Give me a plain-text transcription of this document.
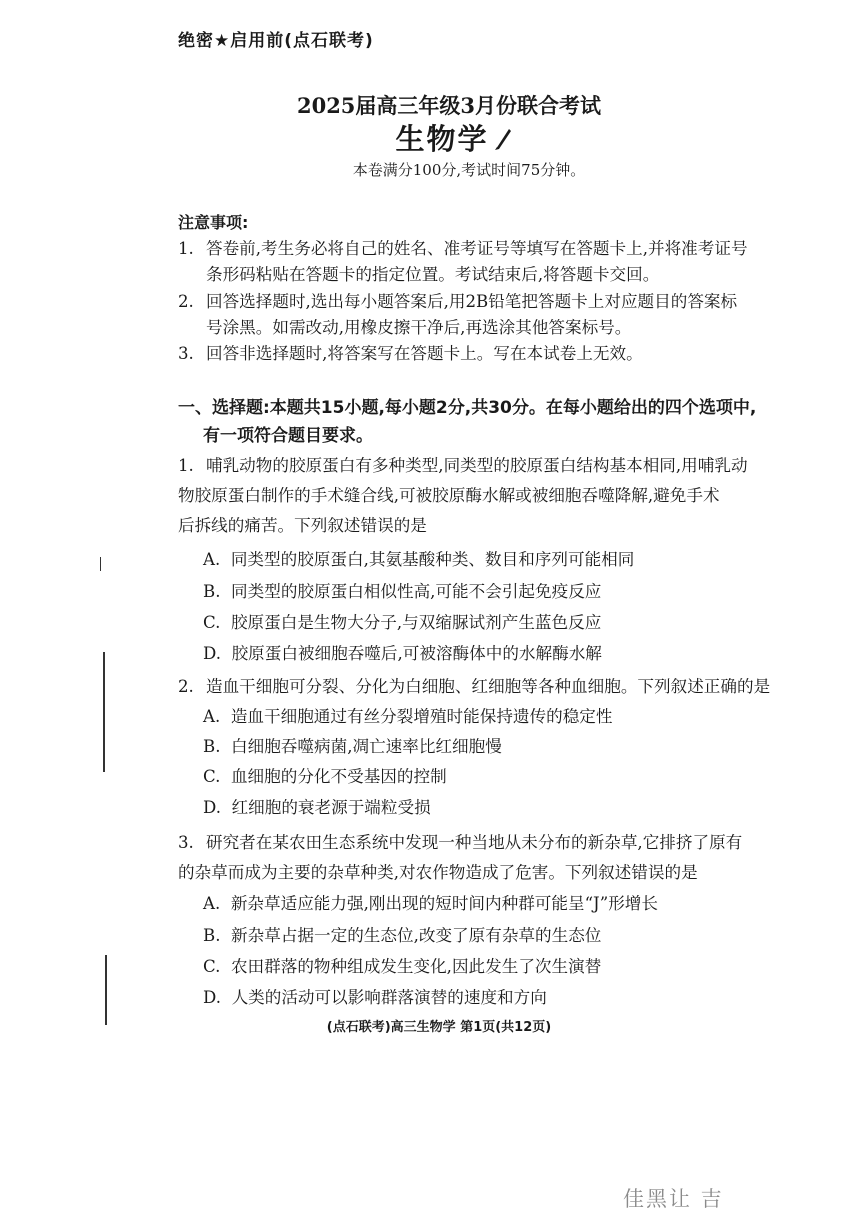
绝密★启用前(点石联考)
2025届高三年级3月份联合考试
生物学
本卷满分100分,考试时间75分钟。
注意事项:
1. 答卷前,考生务必将自己的姓名、准考证号等填写在答题卡上,并将准考证号
条形码粘贴在答题卡的指定位置。考试结束后,将答题卡交回。
2. 回答选择题时,选出每小题答案后,用2B铅笔把答题卡上对应题目的答案标
号涂黑。如需改动,用橡皮擦干净后,再选涂其他答案标号。
3. 回答非选择题时,将答案写在答题卡上。写在本试卷上无效。
一、选择题:本题共15小题,每小题2分,共30分。在每小题给出的四个选项中,
有一项符合题目要求。
1. 哺乳动物的胶原蛋白有多种类型,同类型的胶原蛋白结构基本相同,用哺乳动
物胶原蛋白制作的手术缝合线,可被胶原酶水解或被细胞吞噬降解,避免手术
后拆线的痛苦。下列叙述错误的是
A. 同类型的胶原蛋白,其氨基酸种类、数目和序列可能相同
B. 同类型的胶原蛋白相似性高,可能不会引起免疫反应
C. 胶原蛋白是生物大分子,与双缩脲试剂产生蓝色反应
D. 胶原蛋白被细胞吞噬后,可被溶酶体中的水解酶水解
2. 造血干细胞可分裂、分化为白细胞、红细胞等各种血细胞。下列叙述正确的是
A. 造血干细胞通过有丝分裂增殖时能保持遗传的稳定性
B. 白细胞吞噬病菌,凋亡速率比红细胞慢
C. 血细胞的分化不受基因的控制
D. 红细胞的衰老源于端粒受损
3. 研究者在某农田生态系统中发现一种当地从未分布的新杂草,它排挤了原有
的杂草而成为主要的杂草种类,对农作物造成了危害。下列叙述错误的是
A. 新杂草适应能力强,刚出现的短时间内种群可能呈“J”形增长
B. 新杂草占据一定的生态位,改变了原有杂草的生态位
C. 农田群落的物种组成发生变化,因此发生了次生演替
D. 人类的活动可以影响群落演替的速度和方向
(点石联考)高三生物学 第1页(共12页)
佳黑让 吉
